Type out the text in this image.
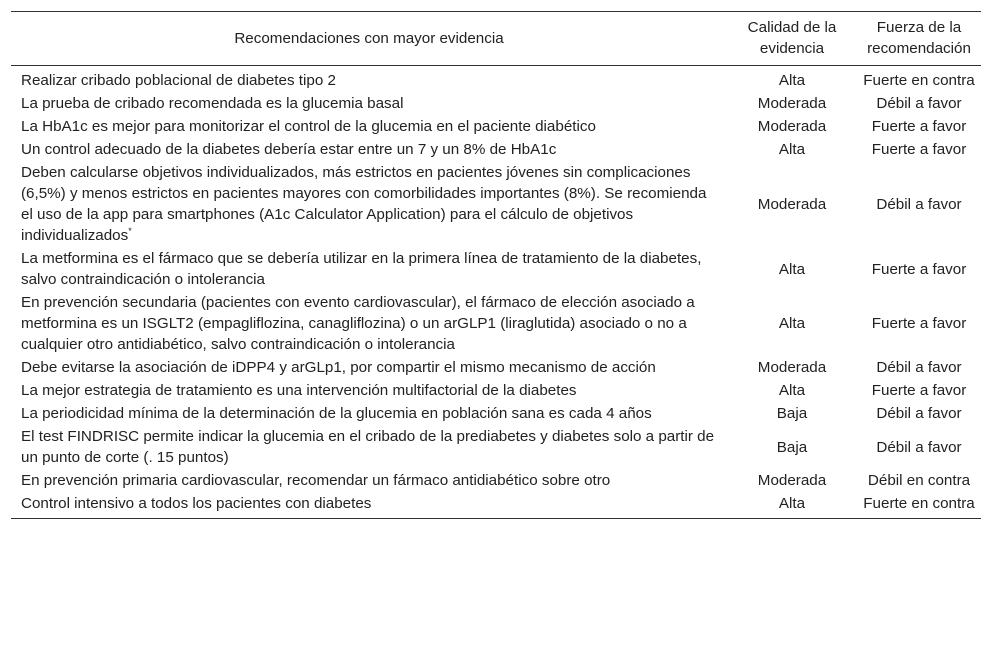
Recomendaciones con mayor evidencia	Calidad de la evidencia	Fuerza de la recomendación
Realizar cribado poblacional de diabetes tipo 2	Alta	Fuerte en contra
La prueba de cribado recomendada es la glucemia basal	Moderada	Débil a favor
La HbA1c es mejor para monitorizar el control de la glucemia en el paciente diabético	Moderada	Fuerte a favor
Un control adecuado de la diabetes debería estar entre un 7 y un 8% de HbA1c	Alta	Fuerte a favor
Deben calcularse objetivos individualizados, más estrictos en pacientes jóvenes sin complicaciones (6,5%) y menos estrictos en pacientes mayores con comorbilidades importantes (8%). Se recomienda el uso de la app para smartphones (A1c Calculator Application) para el cálculo de objetivos individualizados*	Moderada	Débil a favor
La metformina es el fármaco que se debería utilizar en la primera línea de tratamiento de la diabetes, salvo contraindicación o intolerancia	Alta	Fuerte a favor
En prevención secundaria (pacientes con evento cardiovascular), el fármaco de elección asociado a metformina es un ISGLT2 (empagliflozina, canagliflozina) o un arGLP1 (liraglutida) asociado o no a cualquier otro antidiabético, salvo contraindicación o intolerancia	Alta	Fuerte a favor
Debe evitarse la asociación de iDPP4 y arGLp1, por compartir el mismo mecanismo de acción	Moderada	Débil a favor
La mejor estrategia de tratamiento es una intervención multifactorial de la diabetes	Alta	Fuerte a favor
La periodicidad mínima de la determinación de la glucemia en población sana es cada 4 años	Baja	Débil a favor
El test FINDRISC permite indicar la glucemia en el cribado de la prediabetes y diabetes solo a partir de un punto de corte (. 15 puntos)	Baja	Débil a favor
En prevención primaria cardiovascular, recomendar un fármaco antidiabético sobre otro	Moderada	Débil en contra
Control intensivo a todos los pacientes con diabetes	Alta	Fuerte en contra
